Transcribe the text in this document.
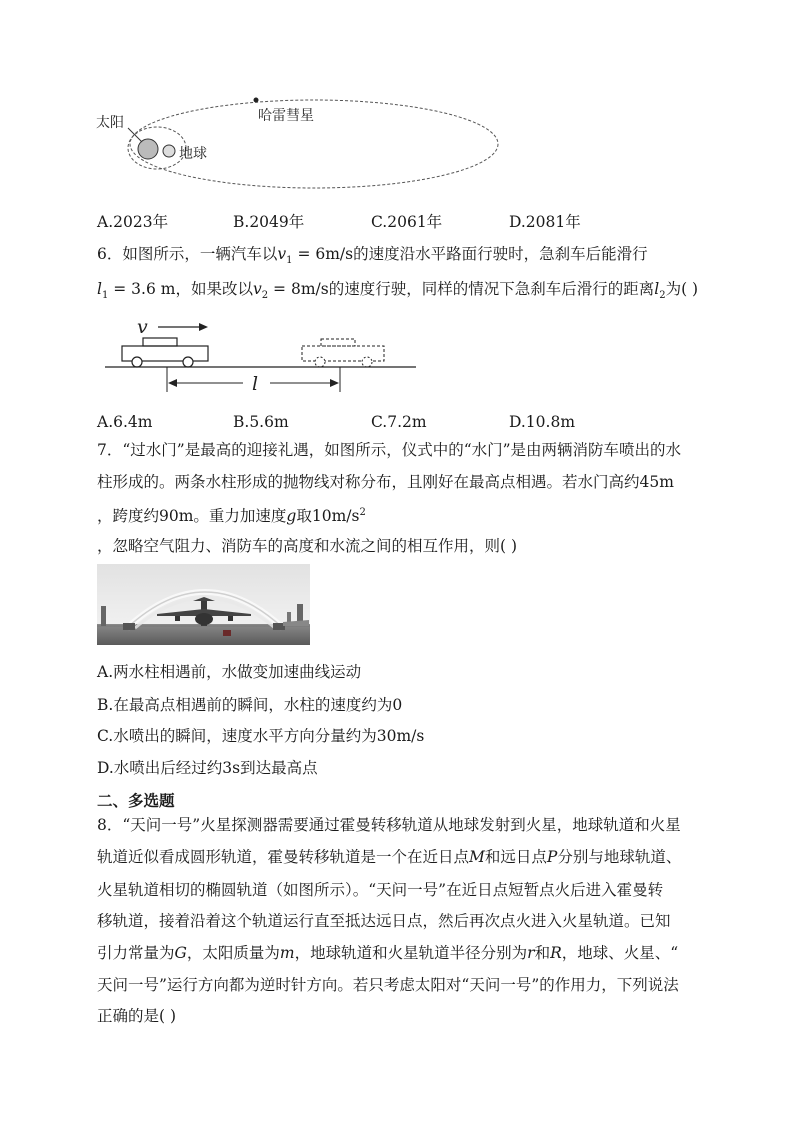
太阳
地球
哈雷彗星
A.2023年	B.2049年	C.2061年	D.2081年
6．如图所示，一辆汽车以$v_1 = 6m/s$的速度沿水平路面行驶时，急刹车后能滑行
$l_1 = 3.6$ m，如果改以$v_2 = 8m/s$的速度行驶，同样的情况下急刹车后滑行的距离$l_2$为( )
v
l
A.6.4m	B.5.6m	C.7.2m	D.10.8m
7．“过水门”是最高的迎接礼遇，如图所示，仪式中的“水门”是由两辆消防车喷出的水
柱形成的。两条水柱形成的抛物线对称分布，且刚好在最高点相遇。若水门高约45m
，跨度约90m。重力加速度g取$10m/s^2$
，忽略空气阻力、消防车的高度和水流之间的相互作用，则( )
A.两水柱相遇前，水做变加速曲线运动
B.在最高点相遇前的瞬间，水柱的速度约为0
C.水喷出的瞬间，速度水平方向分量约为30m/s
D.水喷出后经过约3s到达最高点
二、多选题
8．“天问一号”火星探测器需要通过霍曼转移轨道从地球发射到火星，地球轨道和火星
轨道近似看成圆形轨道，霍曼转移轨道是一个在近日点M和远日点P分别与地球轨道、
火星轨道相切的椭圆轨道（如图所示）。“天问一号”在近日点短暂点火后进入霍曼转
移轨道，接着沿着这个轨道运行直至抵达远日点，然后再次点火进入火星轨道。已知
引力常量为G，太阳质量为m，地球轨道和火星轨道半径分别为r和R，地球、火星、“
天问一号”运行方向都为逆时针方向。若只考虑太阳对“天问一号”的作用力，下列说法
正确的是( )
